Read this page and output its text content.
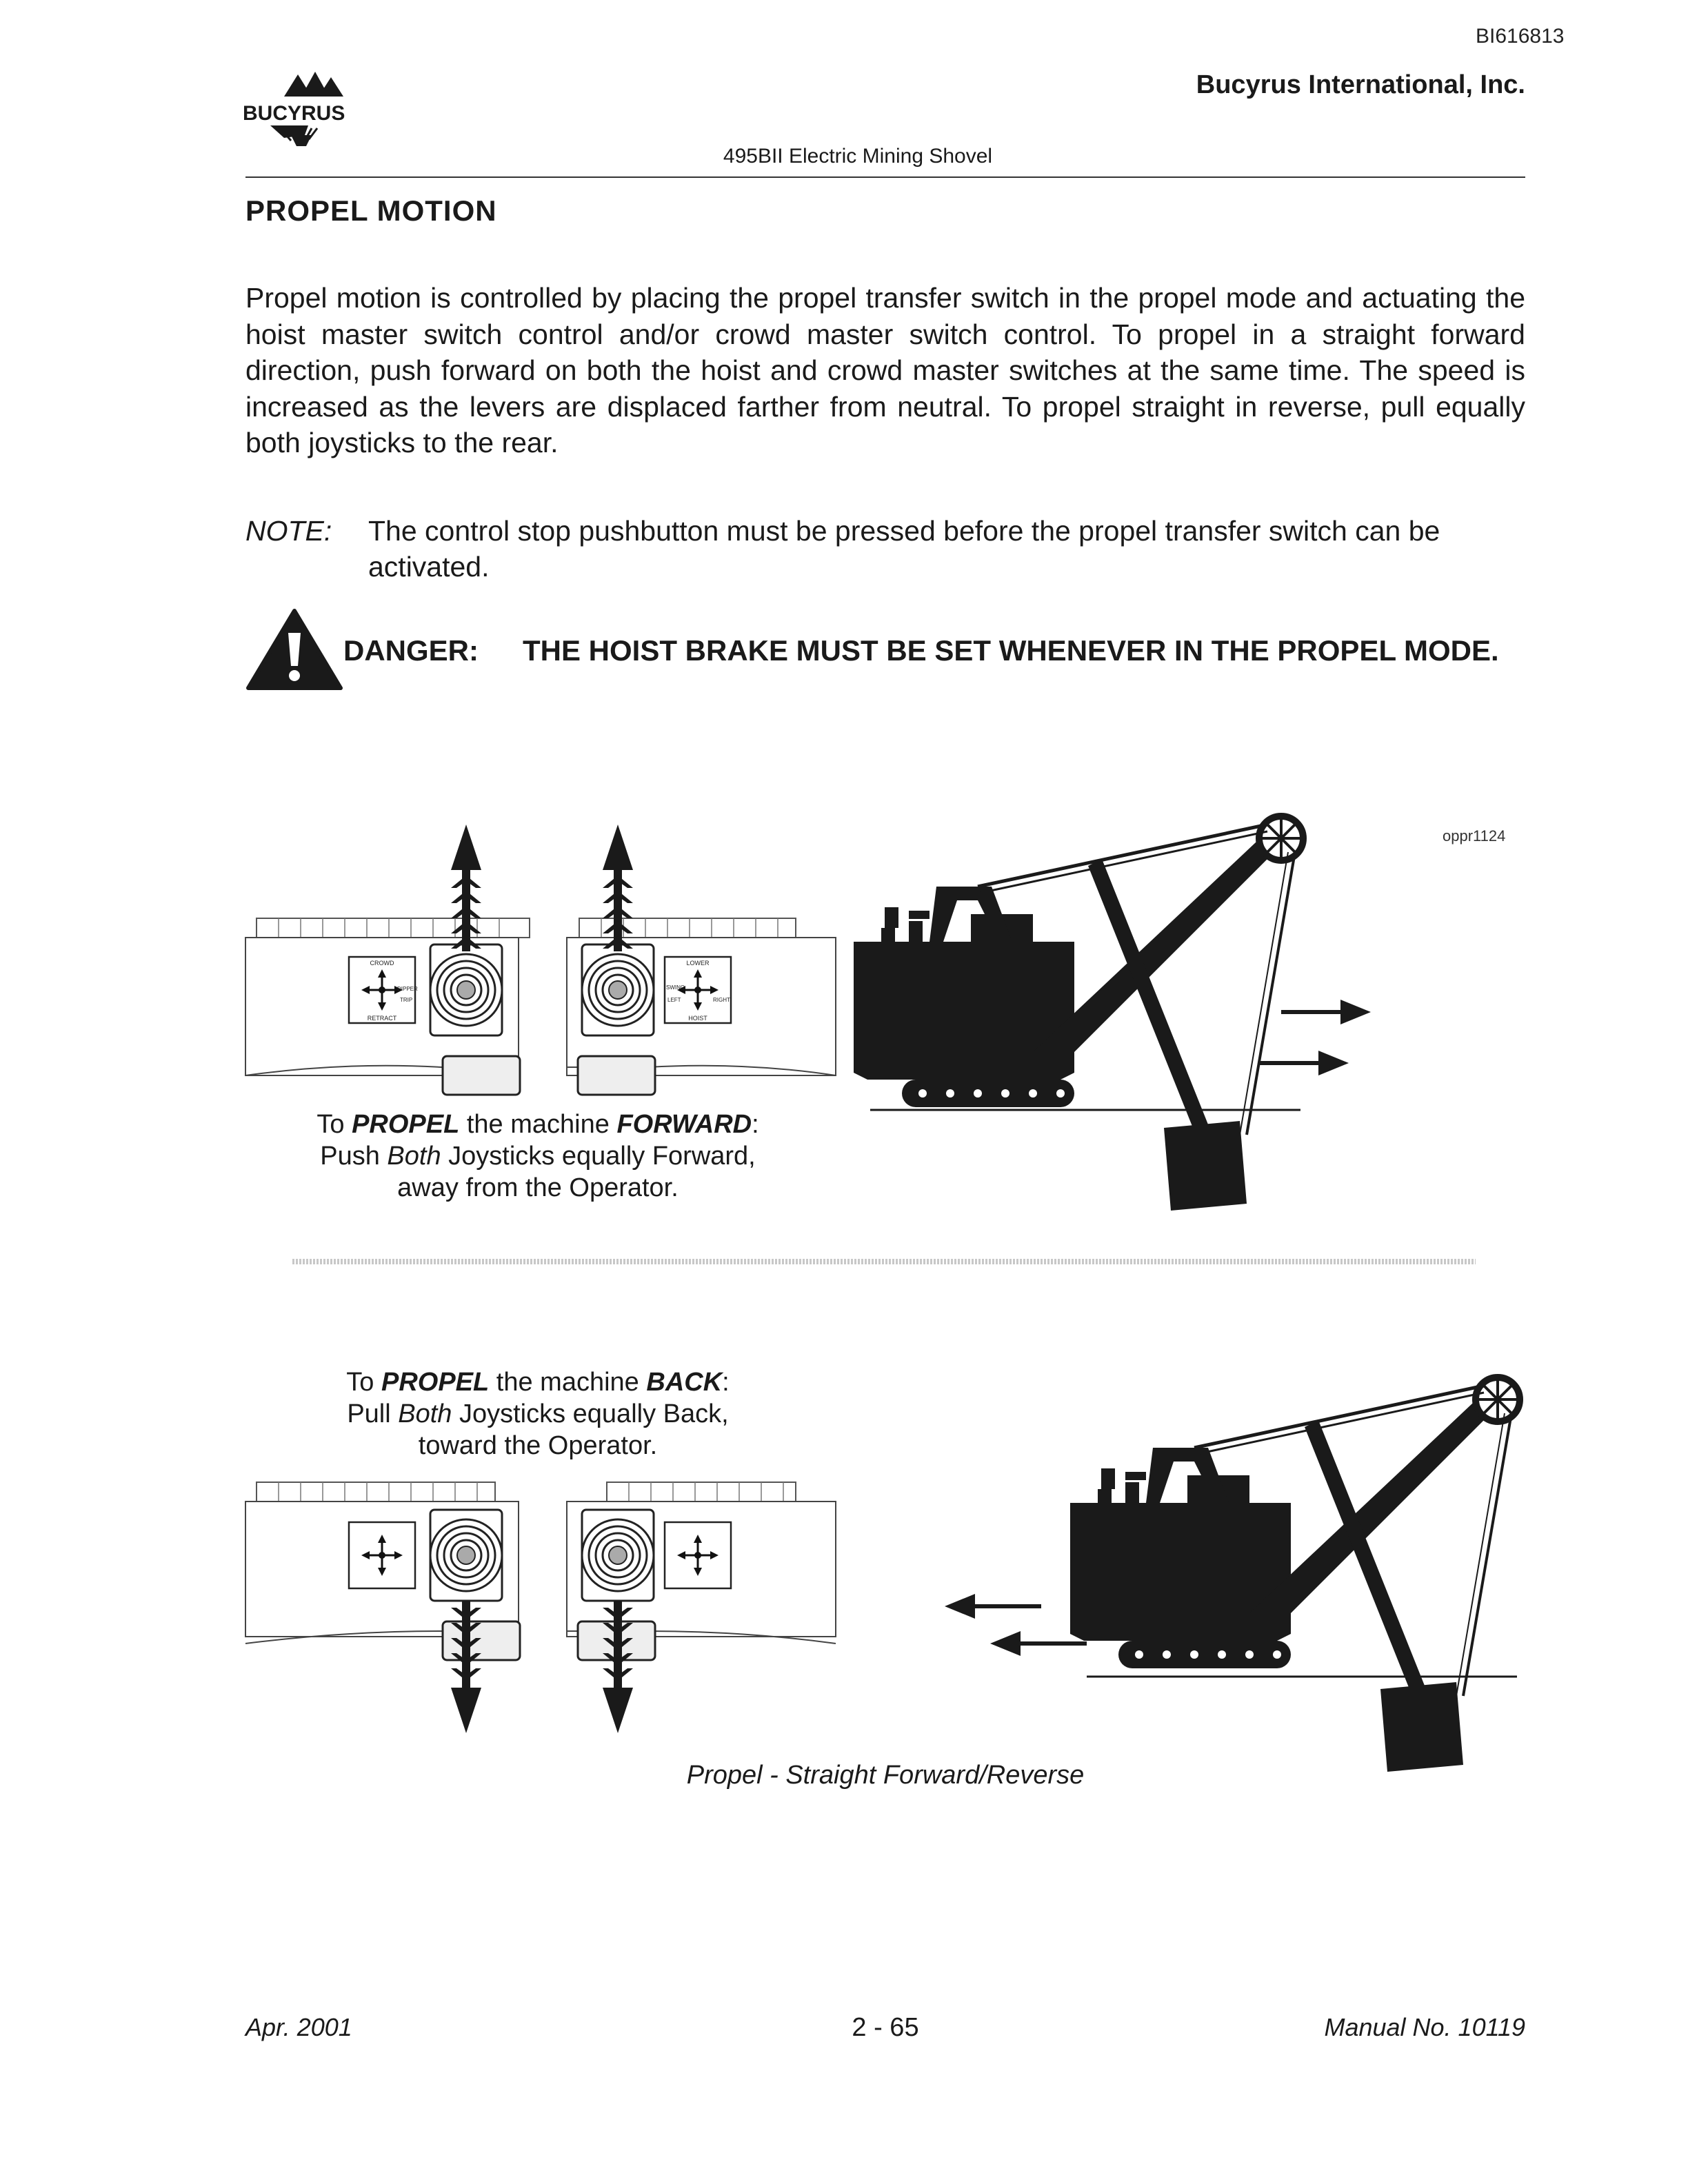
BI616813
Bucyrus International, Inc.
BUCYRUS
495BII Electric Mining Shovel
PROPEL MOTION
Propel motion is controlled by placing the propel transfer switch in the propel mode and actuating the hoist master switch control and/or crowd master switch control. To propel in a straight forward direction, push forward on both the hoist and crowd master switches at the same time. The speed is increased as the levers are displaced farther from neutral. To propel straight in reverse, pull equally both joysticks to the rear.
NOTE: The control stop pushbutton must be pressed before the propel transfer switch can be activated.
DANGER: THE HOIST BRAKE MUST BE SET WHENEVER IN THE PROPEL MODE.
oppr1124
CROWD
RETRACT
DIPPER
TRIP
LOWER
HOIST
SWING
LEFT	RIGHT
To PROPEL the machine FORWARD:
Push Both Joysticks equally Forward,
away from the Operator.
To PROPEL the machine BACK:
Pull Both Joysticks equally Back,
toward the Operator.
Propel - Straight Forward/Reverse
Apr. 2001	2 - 65	Manual No. 10119
